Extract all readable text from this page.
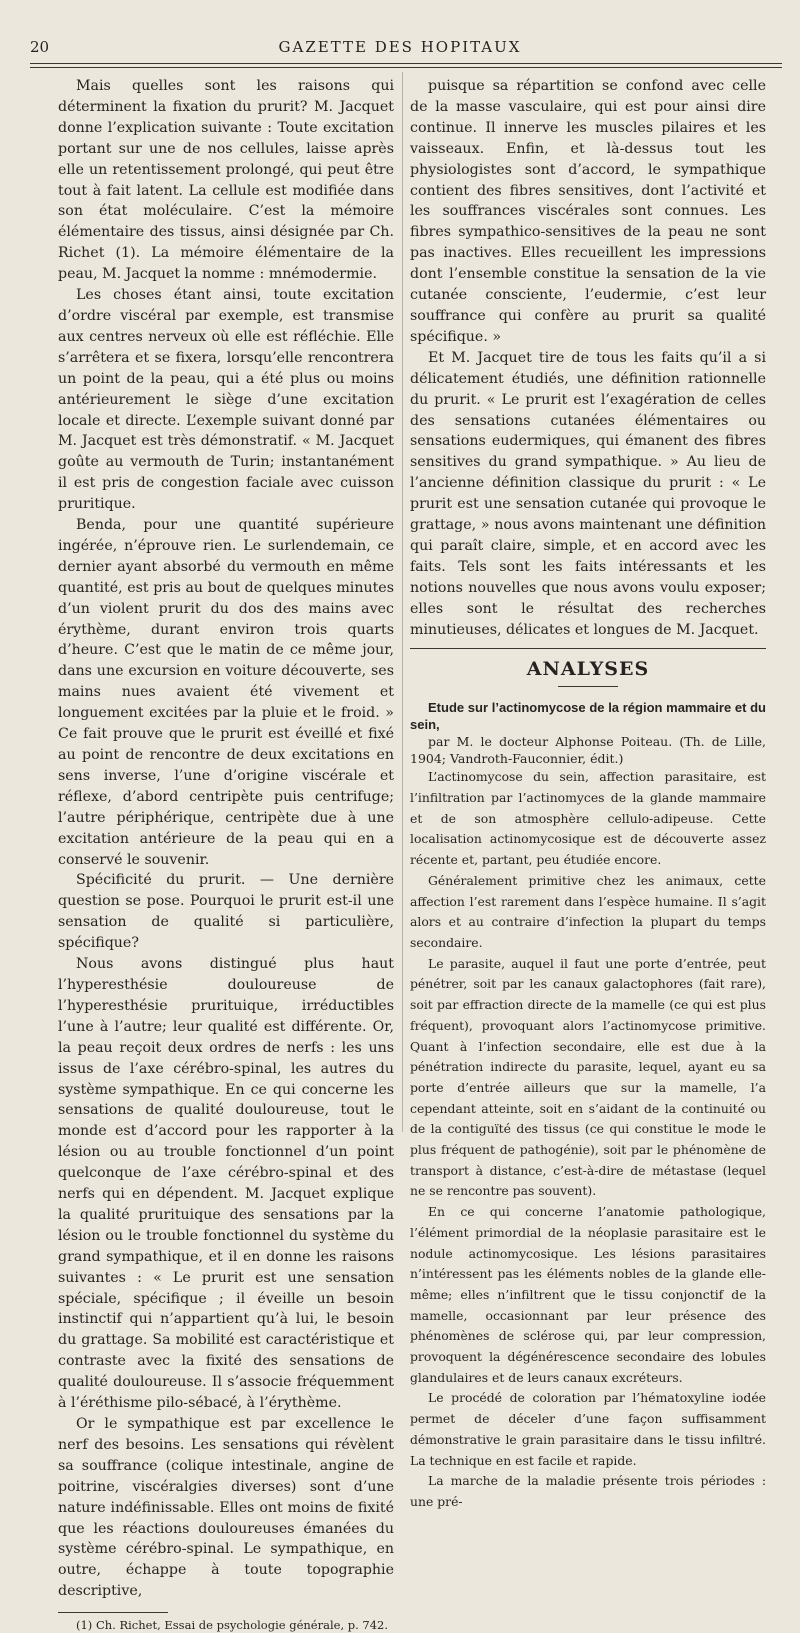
20	GAZETTE DES HOPITAUX

Mais quelles sont les raisons qui déterminent la fixation du prurit? M. Jacquet donne l’explication suivante : Toute excitation portant sur une de nos cellules, laisse après elle un retentissement prolongé, qui peut être tout à fait latent. La cellule est modifiée dans son état moléculaire. C’est la mémoire élémentaire des tissus, ainsi désignée par Ch. Richet (1). La mémoire élémentaire de la peau, M. Jacquet la nomme : mnémodermie.

Les choses étant ainsi, toute excitation d’ordre viscéral par exemple, est transmise aux centres nerveux où elle est réfléchie. Elle s’arrêtera et se fixera, lorsqu’elle rencontrera un point de la peau, qui a été plus ou moins antérieurement le siège d’une excitation locale et directe. L’exemple suivant donné par M. Jacquet est très démonstratif. « M. Jacquet goûte au vermouth de Turin; instantanément il est pris de congestion faciale avec cuisson pruritique.

Benda, pour une quantité supérieure ingérée, n’éprouve rien. Le surlendemain, ce dernier ayant absorbé du vermouth en même quantité, est pris au bout de quelques minutes d’un violent prurit du dos des mains avec érythème, durant environ trois quarts d’heure. C’est que le matin de ce même jour, dans une excursion en voiture découverte, ses mains nues avaient été vivement et longuement excitées par la pluie et le froid. » Ce fait prouve que le prurit est éveillé et fixé au point de rencontre de deux excitations en sens inverse, l’une d’origine viscérale et réflexe, d’abord centripète puis centrifuge; l’autre périphérique, centripète due à une excitation antérieure de la peau qui en a conservé le souvenir.

Spécificité du prurit. — Une dernière question se pose. Pourquoi le prurit est-il une sensation de qualité si particulière, spécifique?

Nous avons distingué plus haut l’hyperesthésie douloureuse de l’hyperesthésie prurituique, irréductibles l’une à l’autre; leur qualité est différente. Or, la peau reçoit deux ordres de nerfs : les uns issus de l’axe cérébro-spinal, les autres du système sympathique. En ce qui concerne les sensations de qualité douloureuse, tout le monde est d’accord pour les rapporter à la lésion ou au trouble fonctionnel d’un point quelconque de l’axe cérébro-spinal et des nerfs qui en dépendent. M. Jacquet explique la qualité prurituique des sensations par la lésion ou le trouble fonctionnel du système du grand sympathique, et il en donne les raisons suivantes : « Le prurit est une sensation spéciale, spécifique ; il éveille un besoin instinctif qui n’appartient qu’à lui, le besoin du grattage. Sa mobilité est caractéristique et contraste avec la fixité des sensations de qualité douloureuse. Il s’associe fréquemment à l’éréthisme pilo-sébacé, à l’érythème.

Or le sympathique est par excellence le nerf des besoins. Les sensations qui révèlent sa souffrance (colique intestinale, angine de poitrine, viscéralgies diverses) sont d’une nature indéfinissable. Elles ont moins de fixité que les réactions douloureuses émanées du système cérébro-spinal. Le sympathique, en outre, échappe à toute topographie descriptive,

(1) Ch. Richet, Essai de psychologie générale, p. 742.

puisque sa répartition se confond avec celle de la masse vasculaire, qui est pour ainsi dire continue. Il innerve les muscles pilaires et les vaisseaux. Enfin, et là-dessus tout les physiologistes sont d’accord, le sympathique contient des fibres sensitives, dont l’activité et les souffrances viscérales sont connues. Les fibres sympathico-sensitives de la peau ne sont pas inactives. Elles recueillent les impressions dont l’ensemble constitue la sensation de la vie cutanée consciente, l’eudermie, c’est leur souffrance qui confère au prurit sa qualité spécifique. »

Et M. Jacquet tire de tous les faits qu’il a si délicatement étudiés, une définition rationnelle du prurit. « Le prurit est l’exagération de celles des sensations cutanées élémentaires ou sensations eudermiques, qui émanent des fibres sensitives du grand sympathique. » Au lieu de l’ancienne définition classique du prurit : « Le prurit est une sensation cutanée qui provoque le grattage, » nous avons maintenant une définition qui paraît claire, simple, et en accord avec les faits. Tels sont les faits intéressants et les notions nouvelles que nous avons voulu exposer; elles sont le résultat des recherches minutieuses, délicates et longues de M. Jacquet.

ANALYSES

Etude sur l’actinomycose de la région mammaire et du sein,

par M. le docteur Alphonse Poiteau. (Th. de Lille, 1904; Vandroth-Fauconnier, édit.)

L’actinomycose du sein, affection parasitaire, est l’infiltration par l’actinomyces de la glande mammaire et de son atmosphère cellulo-adipeuse. Cette localisation actinomycosique est de découverte assez récente et, partant, peu étudiée encore.

Généralement primitive chez les animaux, cette affection l’est rarement dans l’espèce humaine. Il s’agit alors et au contraire d’infection la plupart du temps secondaire.

Le parasite, auquel il faut une porte d’entrée, peut pénétrer, soit par les canaux galactophores (fait rare), soit par effraction directe de la mamelle (ce qui est plus fréquent), provoquant alors l’actinomycose primitive. Quant à l’infection secondaire, elle est due à la pénétration indirecte du parasite, lequel, ayant eu sa porte d’entrée ailleurs que sur la mamelle, l’a cependant atteinte, soit en s’aidant de la continuité ou de la contiguïté des tissus (ce qui constitue le mode le plus fréquent de pathogénie), soit par le phénomène de transport à distance, c’est-à-dire de métastase (lequel ne se rencontre pas souvent).

En ce qui concerne l’anatomie pathologique, l’élément primordial de la néoplasie parasitaire est le nodule actinomycosique. Les lésions parasitaires n’intéressent pas les éléments nobles de la glande elle-même; elles n’infiltrent que le tissu conjonctif de la mamelle, occasionnant par leur présence des phénomènes de sclérose qui, par leur compression, provoquent la dégénérescence secondaire des lobules glandulaires et de leurs canaux excréteurs.

Le procédé de coloration par l’hématoxyline iodée permet de déceler d’une façon suffisamment démonstrative le grain parasitaire dans le tissu infiltré. La technique en est facile et rapide.

La marche de la maladie présente trois périodes : une pré-
